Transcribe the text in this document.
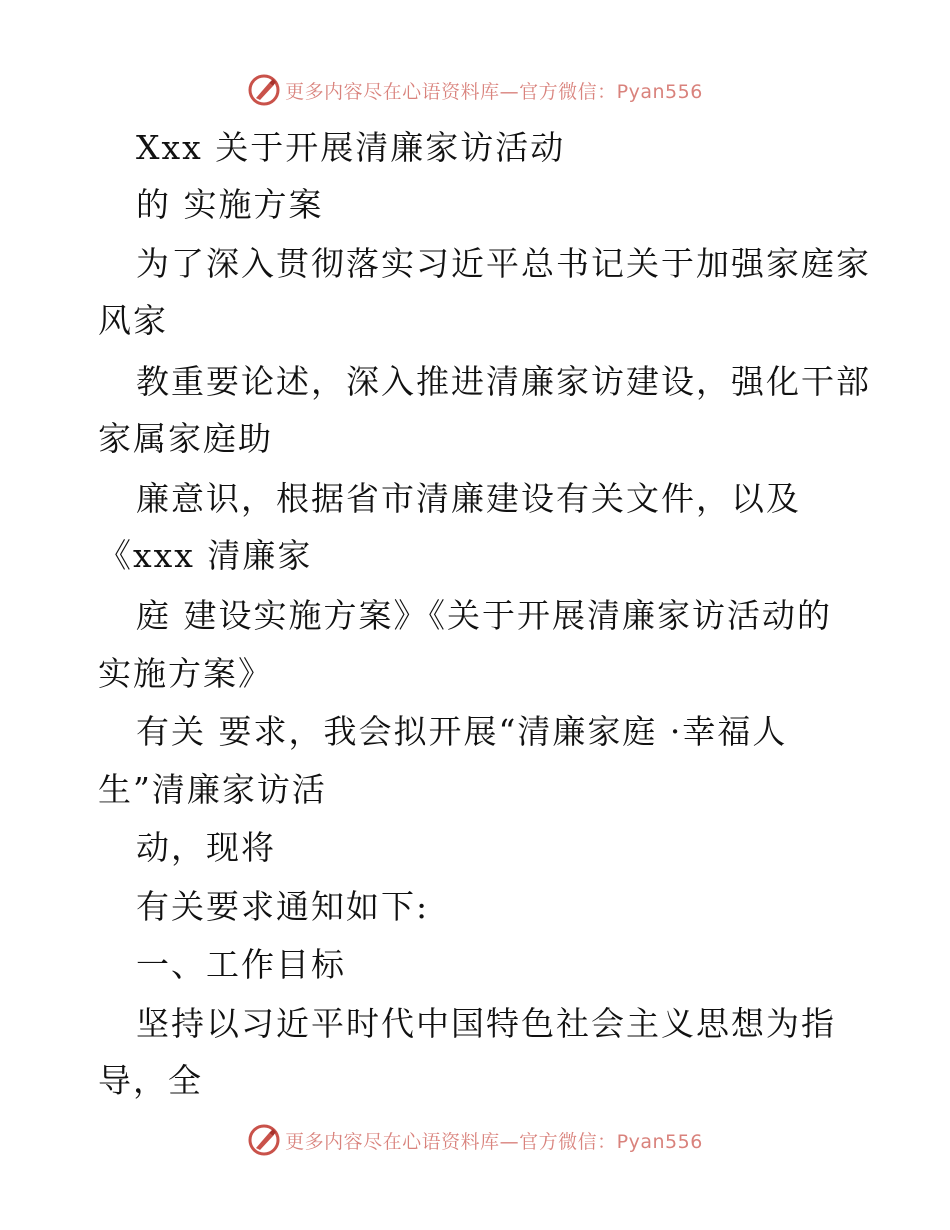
更多内容尽在心语资料库—官方微信：Pyan556
Xxx 关于开展清廉家访活动
的 实施方案
为了深入贯彻落实习近平总书记关于加强家庭家
风家
教重要论述，深入推进清廉家访建设，强化干部
家属家庭助
廉意识，根据省市清廉建设有关文件，以及
《xxx 清廉家
庭 建设实施方案》《关于开展清廉家访活动的
实施方案》
有关 要求，我会拟开展“清廉家庭 ·幸福人
生”清廉家访活
动，现将
有关要求通知如下:
一、工作目标
坚持以习近平时代中国特色社会主义思想为指
导，全
更多内容尽在心语资料库—官方微信：Pyan556
